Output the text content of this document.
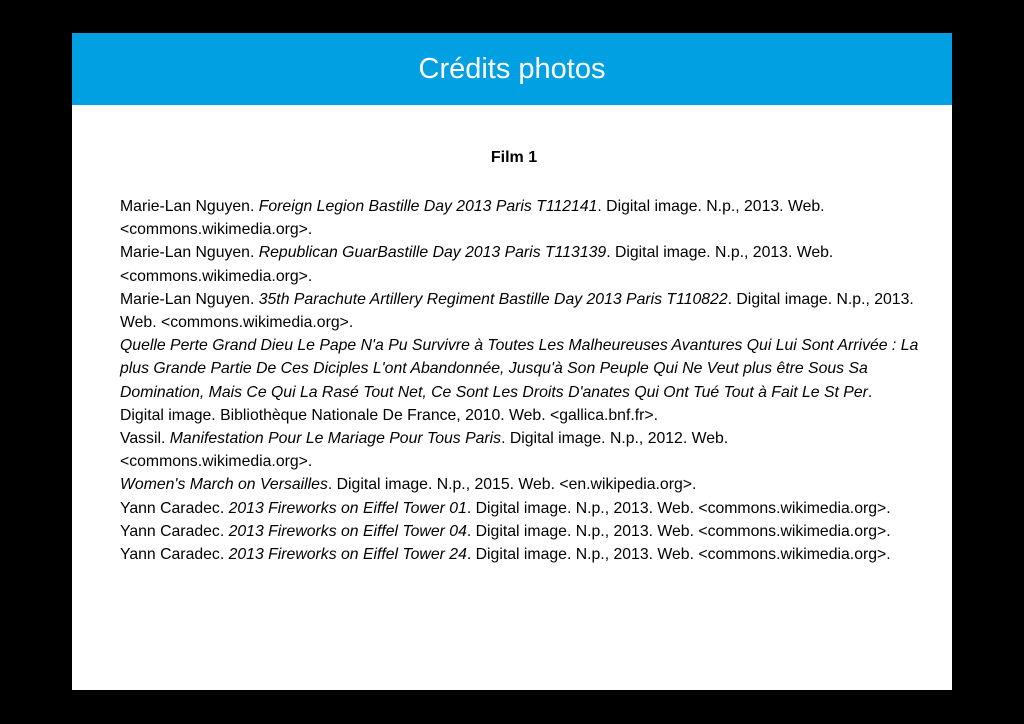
Crédits photos
Film 1

Marie-Lan Nguyen. Foreign Legion Bastille Day 2013 Paris T112141. Digital image. N.p., 2013. Web. <commons.wikimedia.org>.

Marie-Lan Nguyen. Republican GuarBastille Day 2013 Paris T113139. Digital image. N.p., 2013. Web. <commons.wikimedia.org>.

Marie-Lan Nguyen. 35th Parachute Artillery Regiment Bastille Day 2013 Paris T110822. Digital image. N.p., 2013. Web. <commons.wikimedia.org>.

Quelle Perte Grand Dieu Le Pape N'a Pu Survivre à Toutes Les Malheureuses Avantures Qui Lui Sont Arrivée : La plus Grande Partie De Ces Diciples L'ont Abandonnée, Jusqu'à Son Peuple Qui Ne Veut plus être Sous Sa Domination, Mais Ce Qui La Rasé Tout Net, Ce Sont Les Droits D'anates Qui Ont Tué Tout à Fait Le St Per. Digital image. Bibliothèque Nationale De France, 2010. Web. <gallica.bnf.fr>.

Vassil. Manifestation Pour Le Mariage Pour Tous Paris. Digital image. N.p., 2012. Web. <commons.wikimedia.org>.

Women's March on Versailles. Digital image. N.p., 2015. Web. <en.wikipedia.org>.

Yann Caradec. 2013 Fireworks on Eiffel Tower 01. Digital image. N.p., 2013. Web. <commons.wikimedia.org>.

Yann Caradec. 2013 Fireworks on Eiffel Tower 04. Digital image. N.p., 2013. Web. <commons.wikimedia.org>.

Yann Caradec. 2013 Fireworks on Eiffel Tower 24. Digital image. N.p., 2013. Web. <commons.wikimedia.org>.
